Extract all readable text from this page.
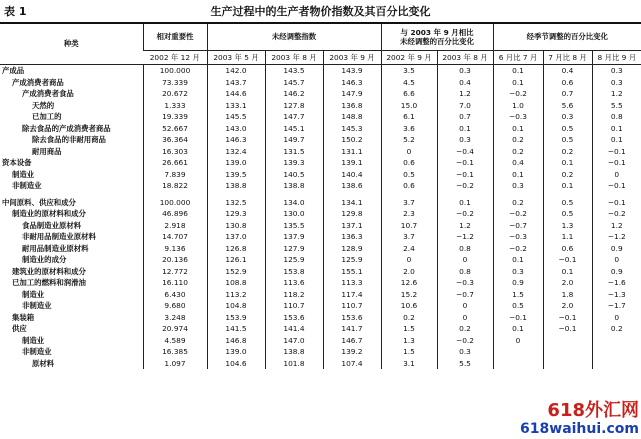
表 1	生产过程中的生产者物价指数及其百分比变化
种类	相对重要性	未经调整指数			与 2003 年 9 月相比
未经调整的百分比变化		经季节调整的百分比变化		
	2002 年 12 月	2003 年 5 月	2003 年 8 月	2003 年 9 月	2002 年 9 月	2003 年 8 月	6 月比 7 月	7 月比 8 月	8 月比 9 月
产成品	100.000	142.0	143.5	143.9	3.5	0.3	0.1	0.4	0.3
产成消费者商品	73.339	143.7	145.7	146.3	4.5	0.4	0.1	0.6	0.3
产成消费者食品	20.672	144.6	146.2	147.9	6.6	1.2	−0.2	0.7	1.2
天然的	1.333	133.1	127.8	136.8	15.0	7.0	1.0	5.6	5.5
已加工的	19.339	145.5	147.7	148.8	6.1	0.7	−0.3	0.3	0.8
除去食品的产成消费者商品	52.667	143.0	145.1	145.3	3.6	0.1	0.1	0.5	0.1
除去食品的非耐用商品	36.364	146.3	149.7	150.2	5.2	0.3	0.2	0.5	0.1
耐用商品	16.303	132.4	131.5	131.1	0	−0.4	0.2	0.2	−0.1
资本设备	26.661	139.0	139.3	139.1	0.6	−0.1	0.4	0.1	−0.1
制造业	7.839	139.5	140.5	140.4	0.5	−0.1	0.1	0.2	0
非制造业	18.822	138.8	138.8	138.6	0.6	−0.2	0.3	0.1	−0.1

中间原料、供应和成分	100.000	132.5	134.0	134.1	3.7	0.1	0.2	0.5	−0.1
制造业的原材料和成分	46.896	129.3	130.0	129.8	2.3	−0.2	−0.2	0.5	−0.2
食品制造业原材料	2.918	130.8	135.5	137.1	10.7	1.2	−0.7	1.3	1.2
非耐用品制造业原材料	14.707	137.0	137.9	136.3	3.7	−1.2	−0.3	1.1	−1.2
耐用品制造业原材料	9.136	126.8	127.9	128.9	2.4	0.8	−0.2	0.6	0.9
制造业的成分	20.136	126.1	125.9	125.9	0	0	0.1	−0.1	0
建筑业的原材料和成分	12.772	152.9	153.8	155.1	2.0	0.8	0.3	0.1	0.9
已加工的燃料和润滑油	16.110	108.8	113.6	113.3	12.6	−0.3	0.9	2.0	−1.6
制造业	6.430	113.2	118.2	117.4	15.2	−0.7	1.5	1.8	−1.3
非制造业	9.680	104.8	110.7	110.7	10.6	0	0.5	2.0	−1.7
集装箱	3.248	153.9	153.6	153.6	0.2	0	−0.1	−0.1	0
供应	20.974	141.5	141.4	141.7	1.5	0.2	0.1	−0.1	0.2
制造业	4.589	146.8	147.0	146.7	1.3	−0.2	0		
非制造业	16.385	139.0	138.8	139.2	1.5	0.3			
原材料	1.097	104.6	101.8	107.4	3.1	5.5			
618外汇网
618waihui.com
